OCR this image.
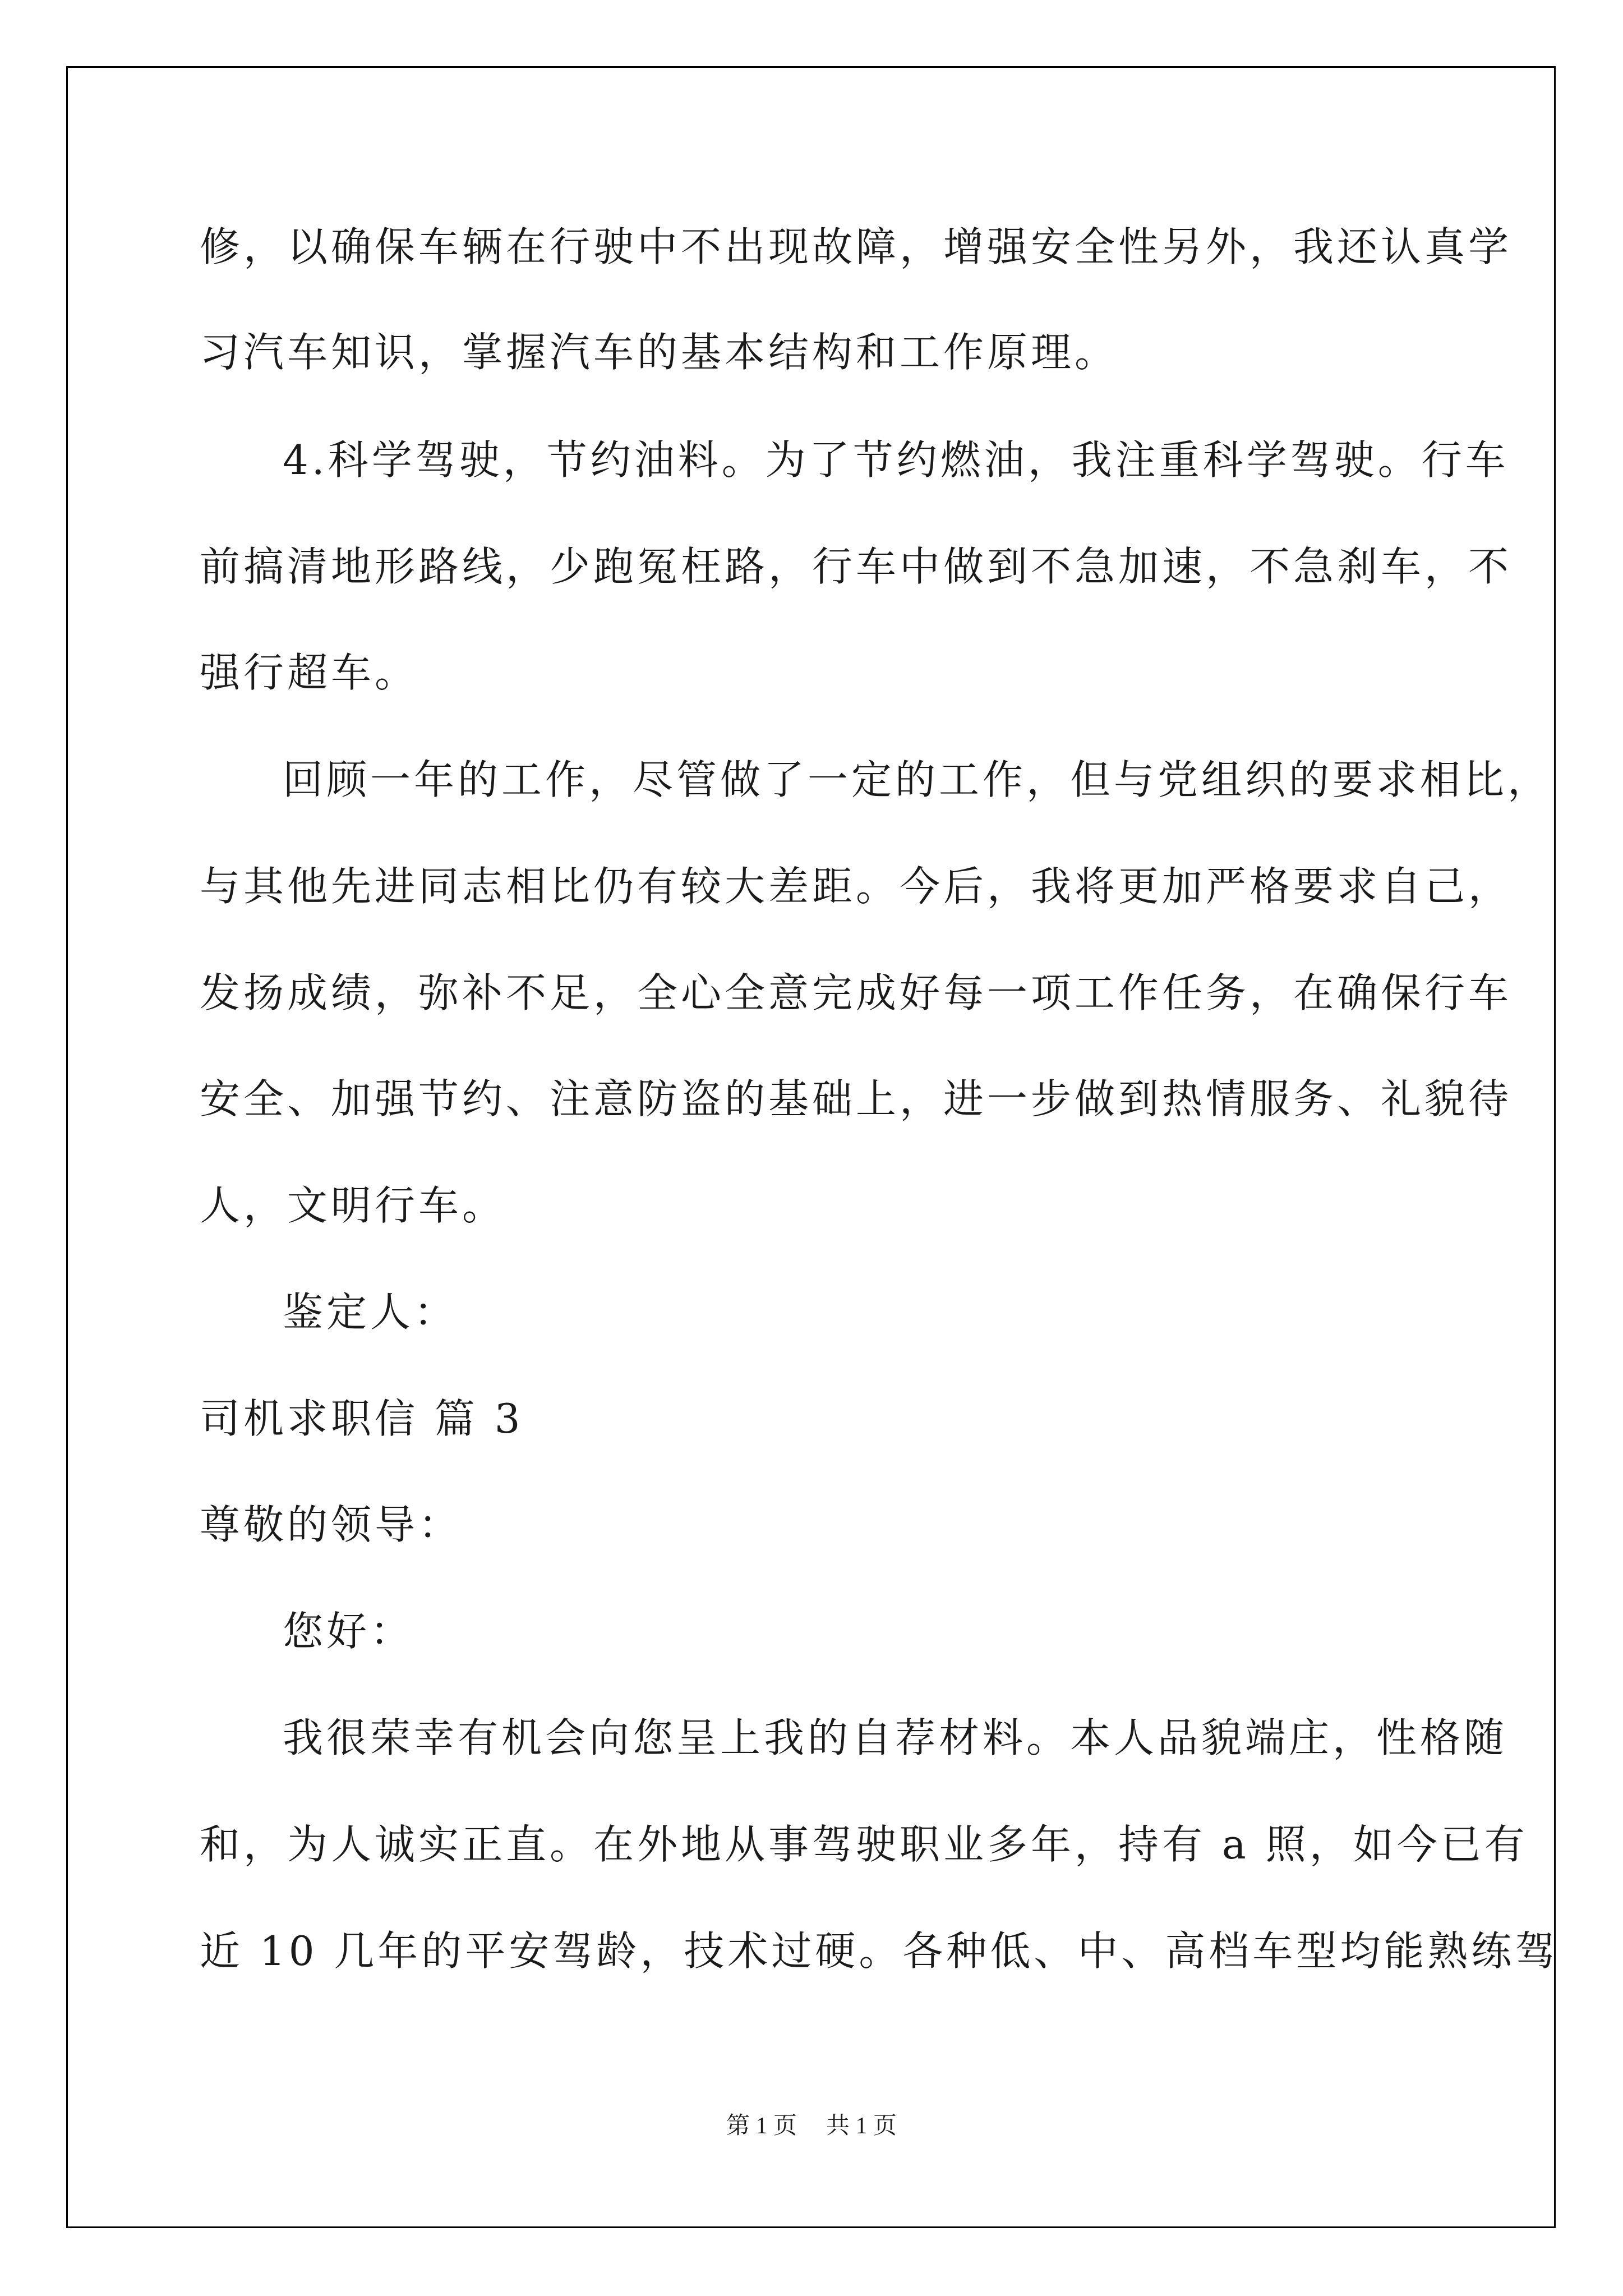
修，以确保车辆在行驶中不出现故障，增强安全性另外，我还认真学
习汽车知识，掌握汽车的基本结构和工作原理。
4.科学驾驶，节约油料。为了节约燃油，我注重科学驾驶。行车
前搞清地形路线，少跑冤枉路，行车中做到不急加速，不急刹车，不
强行超车。
回顾一年的工作，尽管做了一定的工作，但与党组织的要求相比，
与其他先进同志相比仍有较大差距。今后，我将更加严格要求自己，
发扬成绩，弥补不足，全心全意完成好每一项工作任务，在确保行车
安全、加强节约、注意防盗的基础上，进一步做到热情服务、礼貌待
人，文明行车。
鉴定人：
司机求职信 篇 3
尊敬的领导：
您好：
我很荣幸有机会向您呈上我的自荐材料。本人品貌端庄，性格随
和，为人诚实正直。在外地从事驾驶职业多年，持有 a 照，如今已有
近 10 几年的平安驾龄，技术过硬。各种低、中、高档车型均能熟练驾
第 1 页 共 1 页
